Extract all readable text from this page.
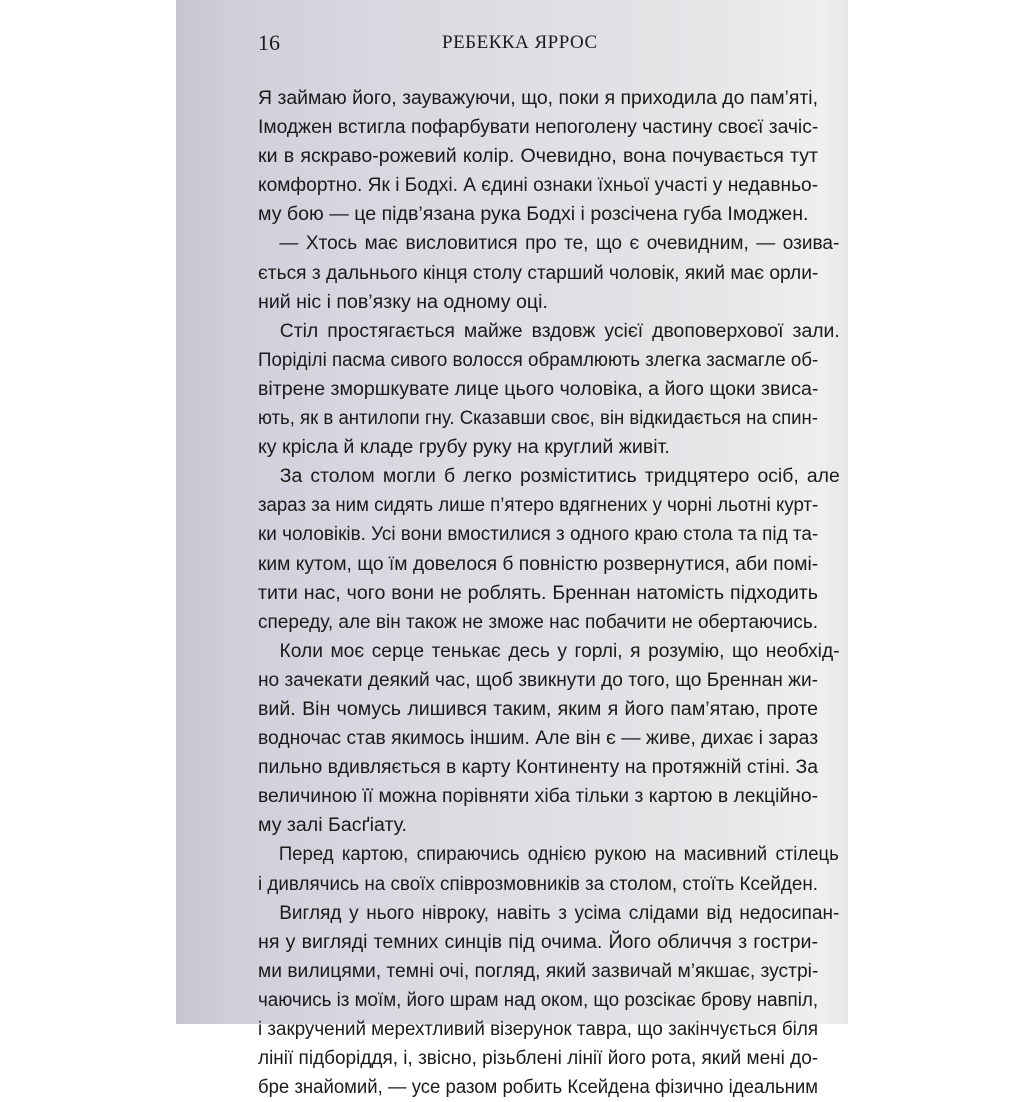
16	РЕБЕККА ЯРРОС
Я займаю його, зауважуючи, що, поки я приходила до пам’яті,
Імоджен встигла пофарбувати непоголену частину своєї зачіс-
ки в яскраво-рожевий колір. Очевидно, вона почувається тут
комфортно. Як і Бодхі. А єдині ознаки їхньої участі у недавньо-
му бою — це підв’язана рука Бодхі і розсічена губа Імоджен.
— Хтось має висловитися про те, що є очевидним, — озива-
ється з дальнього кінця столу старший чоловік, який має орли-
ний ніс і пов’язку на одному оці.
Стіл простягається майже вздовж усієї двоповерхової зали.
Поріділі пасма сивого волосся обрамлюють злегка засмагле об-
вітрене зморшкувате лице цього чоловіка, а його щоки звиса-
ють, як в антилопи гну. Сказавши своє, він відкидається на спин-
ку крісла й кладе грубу руку на круглий живіт.
За столом могли б легко розміститись тридцятеро осіб, але
зараз за ним сидять лише п’ятеро вдягнених у чорні льотні курт-
ки чоловіків. Усі вони вмостилися з одного краю стола та під та-
ким кутом, що їм довелося б повністю розвернутися, аби помі-
тити нас, чого вони не роблять. Бреннан натомість підходить
спереду, але він також не зможе нас побачити не обертаючись.
Коли моє серце тенькає десь у горлі, я розумію, що необхід-
но зачекати деякий час, щоб звикнути до того, що Бреннан жи-
вий. Він чомусь лишився таким, яким я його пам’ятаю, проте
водночас став якимось іншим. Але він є — живе, дихає і зараз
пильно вдивляється в карту Континенту на протяжній стіні. За
величиною її можна порівняти хіба тільки з картою в лекційно-
му залі Басґіату.
Перед картою, спираючись однією рукою на масивний стілець
і дивлячись на своїх співрозмовників за столом, стоїть Ксейден.
Вигляд у нього нівроку, навіть з усіма слідами від недосипан-
ня у вигляді темних синців під очима. Його обличчя з гостри-
ми вилицями, темні очі, погляд, який зазвичай м’якшає, зустрі-
чаючись із моїм, його шрам над оком, що розсікає брову навпіл,
і закручений мерехтливий візерунок тавра, що закінчується біля
лінії підборіддя, і, звісно, різьблені лінії його рота, який мені до-
бре знайомий, — усе разом робить Ксейдена фізично ідеальним
